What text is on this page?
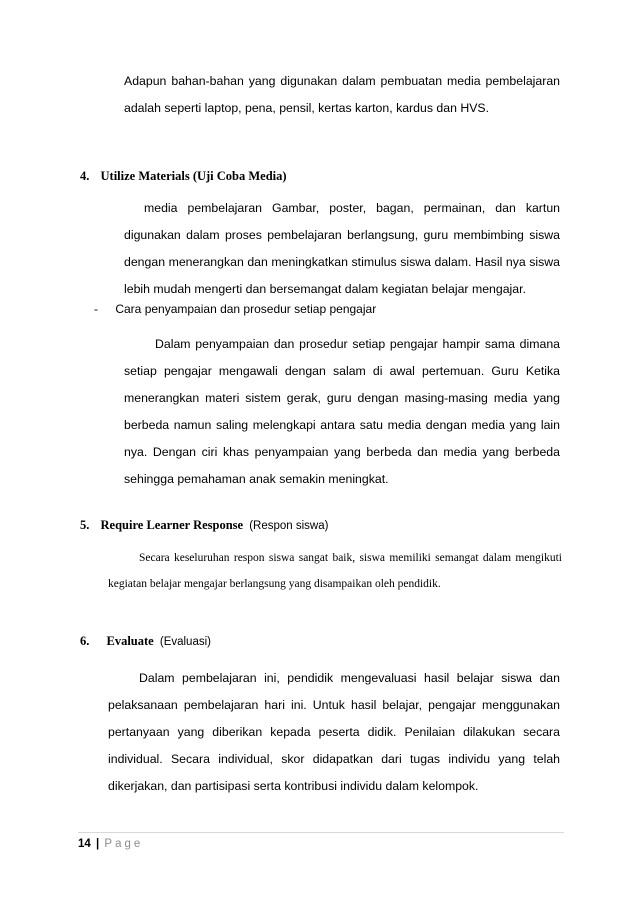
Adapun bahan-bahan yang digunakan dalam pembuatan media pembelajaran adalah seperti laptop, pena, pensil, kertas karton, kardus dan HVS.
4. Utilize Materials (Uji Coba Media)
media pembelajaran Gambar, poster, bagan, permainan, dan kartun digunakan dalam proses pembelajaran berlangsung, guru membimbing siswa dengan menerangkan dan meningkatkan stimulus siswa dalam. Hasil nya siswa lebih mudah mengerti dan bersemangat dalam kegiatan belajar mengajar.
- Cara penyampaian dan prosedur setiap pengajar
Dalam penyampaian dan prosedur setiap pengajar hampir sama dimana setiap pengajar mengawali dengan salam di awal pertemuan. Guru Ketika menerangkan materi sistem gerak, guru dengan masing-masing media yang berbeda namun saling melengkapi antara satu media dengan media yang lain nya. Dengan ciri khas penyampaian yang berbeda dan media yang berbeda sehingga pemahaman anak semakin meningkat.
5. Require Learner Response (Respon siswa)
Secara keseluruhan respon siswa sangat baik, siswa memiliki semangat dalam mengikuti kegiatan belajar mengajar berlangsung yang disampaikan oleh pendidik.
6. Evaluate (Evaluasi)
Dalam pembelajaran ini, pendidik mengevaluasi hasil belajar siswa dan pelaksanaan pembelajaran hari ini. Untuk hasil belajar, pengajar menggunakan pertanyaan yang diberikan kepada peserta didik. Penilaian dilakukan secara individual. Secara individual, skor didapatkan dari tugas individu yang telah dikerjakan, dan partisipasi serta kontribusi individu dalam kelompok.
14 | Page
